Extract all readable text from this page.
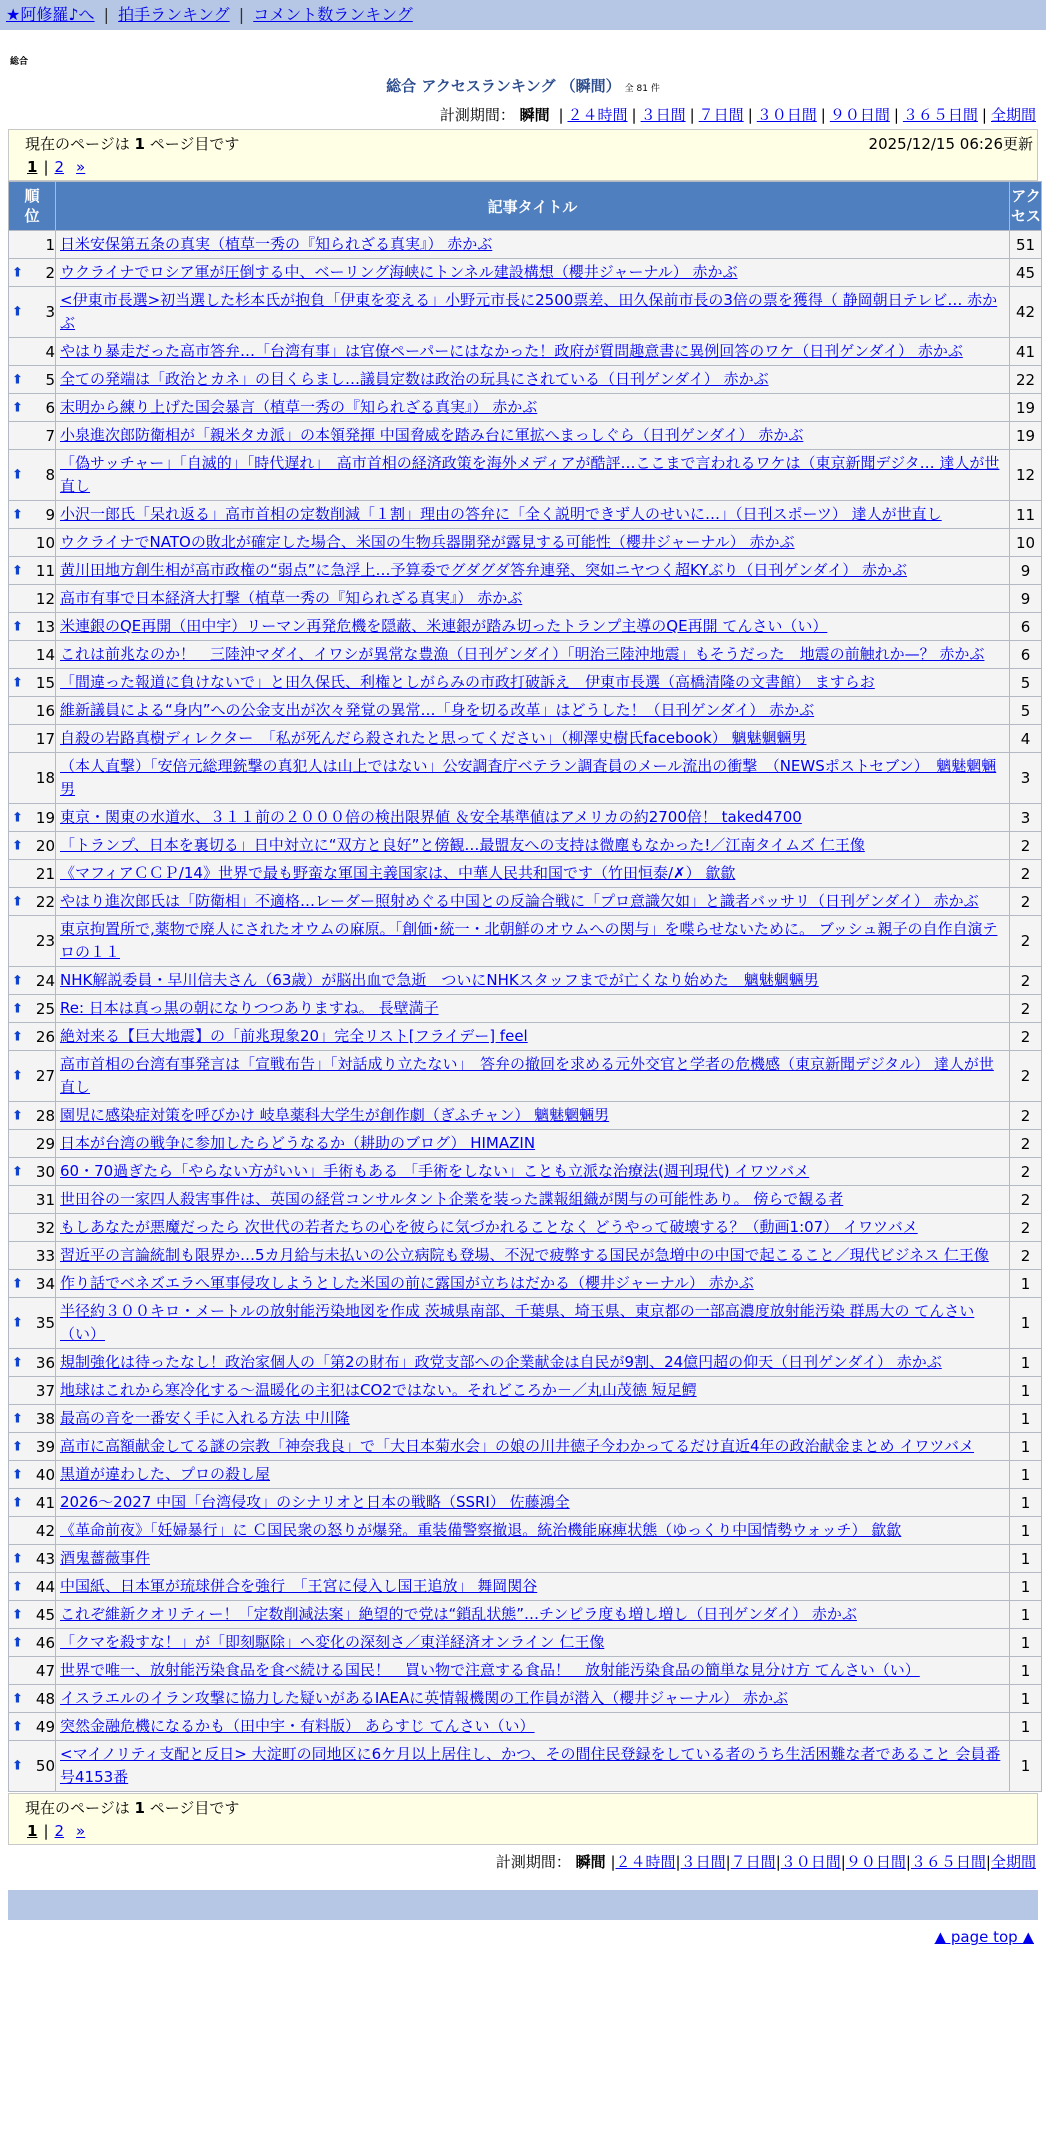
★阿修羅♪へ | 拍手ランキング | コメント数ランキング
総合
総合 アクセスランキング （瞬間） 全 81 件
計測期間： 瞬間 | ２４時間 | ３日間 | ７日間 | ３０日間 | ９０日間 | ３６５日間 | 全期間
現在のページは 1 ページ目です	2025/12/15 06:26更新
1 | 2 »
順位	記事タイトル	アクセス
1	日米安保第五条の真実（植草一秀の『知られざる真実』） 赤かぶ	51

⬆ 2	ウクライナでロシア軍が圧倒する中、ベーリング海峡にトンネル建設構想（櫻井ジャーナル） 赤かぶ	45

⬆ 3	<伊東市長選>初当選した杉本氏が抱負「伊東を変える」小野元市長に2500票差、田久保前市長の3倍の票を獲得（ 静岡朝日テレビ… 赤かぶ	42
4	やはり暴走だった高市答弁…「台湾有事」は官僚ペーパーにはなかった！政府が質問趣意書に異例回答のワケ（日刊ゲンダイ） 赤かぶ	41

⬆ 5	全ての発端は「政治とカネ」の目くらまし…議員定数は政治の玩具にされている（日刊ゲンダイ） 赤かぶ	22

⬆ 6	末明から練り上げた国会暴言（植草一秀の『知られざる真実』） 赤かぶ	19
7	小泉進次郎防衛相が「親米タカ派」の本領発揮 中国脅威を踏み台に軍拡へまっしぐら（日刊ゲンダイ） 赤かぶ	19

⬆ 8	「偽サッチャー」「自滅的」「時代遅れ」　高市首相の経済政策を海外メディアが酷評…ここまで言われるワケは（東京新聞デジタ… 達人が世直し	12

⬆ 9	小沢一郎氏「呆れ返る」高市首相の定数削減「１割」理由の答弁に「全く説明できず人のせいに…」（日刊スポーツ） 達人が世直し	11
10	ウクライナでNATOの敗北が確定した場合、米国の生物兵器開発が露見する可能性（櫻井ジャーナル） 赤かぶ	10

⬆ 11	黄川田地方創生相が高市政権の“弱点”に急浮上…予算委でグダグダ答弁連発、突如ニヤつく超KYぶり（日刊ゲンダイ） 赤かぶ	9
12	高市有事で日本経済大打撃（植草一秀の『知られざる真実』） 赤かぶ	9

⬆ 13	米連銀のQE再開（田中宇）リーマン再発危機を隠蔽、米連銀が踏み切ったトランプ主導のQE再開 てんさい（い）	6
14	これは前兆なのか！　三陸沖マダイ、イワシが異常な豊漁（日刊ゲンダイ）「明治三陸沖地震」もそうだった　地震の前触れか—？ 赤かぶ	6

⬆ 15	「間違った報道に負けないで」と田久保氏、利権としがらみの市政打破訴え　伊東市長選（高橋清隆の文書館） ますらお	5
16	維新議員による“身内”への公金支出が次々発覚の異常…「身を切る改革」はどうした！（日刊ゲンダイ） 赤かぶ	5
17	自殺の岩路真樹ディレクター　「私が死んだら殺されたと思ってください」（柳澤史樹氏facebook） 魑魅魍魎男	4
18	（本人直撃）「安倍元総理銃撃の真犯人は山上ではない」公安調査庁ベテラン調査員のメール流出の衝撃　（NEWSポストセブン）　魑魅魍魎男	3

⬆ 19	東京・関東の水道水、３１１前の２０００倍の検出限界値 ＆安全基準値はアメリカの約2700倍！ taked4700	3

⬆ 20	「トランプ、日本を裏切る」日中対立に“双方と良好”と傍観…最盟友への支持は微塵もなかった!／江南タイムズ 仁王像	2
21	《マフィアＣＣＰ/14》世界で最も野蛮な軍国主義国家は、中華人民共和国です（竹田恒泰/✗） 歙歙	2

⬆ 22	やはり進次郎氏は「防衛相」不適格…レーダー照射めぐる中国との反論合戦に「プロ意識欠如」と識者バッサリ（日刊ゲンダイ） 赤かぶ	2
23	東京拘置所で,薬物で廃人にされたオウムの麻原。「創価･統一・北朝鮮のオウムへの関与」を喋らせないために。 ブッシュ親子の自作自演テロの１１	2

⬆ 24	NHK解説委員・早川信夫さん（63歳）が脳出血で急逝　ついにNHKスタッフまでが亡くなり始めた　魑魅魍魎男	2

⬆ 25	Re: 日本は真っ黒の朝になりつつありますね。 長壁満子	2

⬆ 26	絶対来る【巨大地震】の「前兆現象20」完全リスト[フライデー] feel	2

⬆ 27	高市首相の台湾有事発言は「宣戦布告」「対話成り立たない」　答弁の撤回を求める元外交官と学者の危機感（東京新聞デジタル） 達人が世直し	2

⬆ 28	園児に感染症対策を呼びかけ 岐阜薬科大学生が創作劇（ぎふチャン） 魑魅魍魎男	2
29	日本が台湾の戦争に参加したらどうなるか（耕助のブログ） HIMAZIN	2

⬆ 30	60・70過ぎたら「やらない方がいい」手術もある 「手術をしない」ことも立派な治療法(週刊現代) イワツバメ	2
31	世田谷の一家四人殺害事件は、英国の経営コンサルタント企業を装った諜報組織が関与の可能性あり。 傍らで観る者	2
32	もしあなたが悪魔だったら 次世代の若者たちの心を彼らに気づかれることなく どうやって破壊する？（動画1:07） イワツバメ	2
33	習近平の言論統制も限界か…5カ月給与未払いの公立病院も登場、不況で疲弊する国民が急増中の中国で起こること／現代ビジネス 仁王像	2

⬆ 34	作り話でベネズエラへ軍事侵攻しようとした米国の前に露国が立ちはだかる（櫻井ジャーナル） 赤かぶ	1

⬆ 35	半径約３００キロ・メートルの放射能汚染地図を作成 茨城県南部、千葉県、埼玉県、東京都の一部高濃度放射能汚染 群馬大の てんさい（い）	1

⬆ 36	規制強化は待ったなし！政治家個人の「第2の財布」政党支部への企業献金は自民が9割、24億円超の仰天（日刊ゲンダイ） 赤かぶ	1
37	地球はこれから寒冷化する～温暖化の主犯はCO2ではない。それどころか－／丸山茂徳 短足鰐	1

⬆ 38	最高の音を一番安く手に入れる方法 中川隆	1

⬆ 39	高市に高額献金してる謎の宗教「神奈我良」で「大日本菊水会」の娘の川井徳子今わかってるだけ直近4年の政治献金まとめ イワツバメ	1

⬆ 40	黒道が違わした、プロの殺し屋	1

⬆ 41	2026～2027 中国「台湾侵攻」のシナリオと日本の戦略（SSRI） 佐藤鴻全	1
42	《革命前夜》「妊婦暴行」に Ｃ国民衆の怒りが爆発。重装備警察撤退。統治機能麻痺状態（ゆっくり中国情勢ウォッチ） 歙歙	1

⬆ 43	酒鬼薔薇事件	1

⬆ 44	中国紙、日本軍が琉球併合を強行　「王宮に侵入し国王追放」 舞岡関谷	1

⬆ 45	これぞ維新クオリティー！「定数削減法案」絶望的で党は“鎖乱状態”…チンピラ度も増し増し（日刊ゲンダイ） 赤かぶ	1

⬆ 46	「クマを殺すな！」が「即刻駆除」へ変化の深刻さ／東洋経済オンライン 仁王像	1
47	世界で唯一、放射能汚染食品を食べ続ける国民！　買い物で注意する食品！　放射能汚染食品の簡単な見分け方 てんさい（い）	1

⬆ 48	イスラエルのイラン攻撃に協力した疑いがあるIAEAに英情報機関の工作員が潜入（櫻井ジャーナル） 赤かぶ	1

⬆ 49	突然金融危機になるかも（田中宇・有料版） あらすじ てんさい（い）	1

⬆ 50	<マイノリティ支配と反日> 大淀町の同地区に6ケ月以上居住し、かつ、その間住民登録をしている者のうち生活困難な者であること 会員番号4153番	1
現在のページは 1 ページ目です
1 | 2 »
計測期間： 瞬間 |２４時間|３日間|７日間|３０日間|９０日間|３６５日間|全期間
▲ page top ▲
